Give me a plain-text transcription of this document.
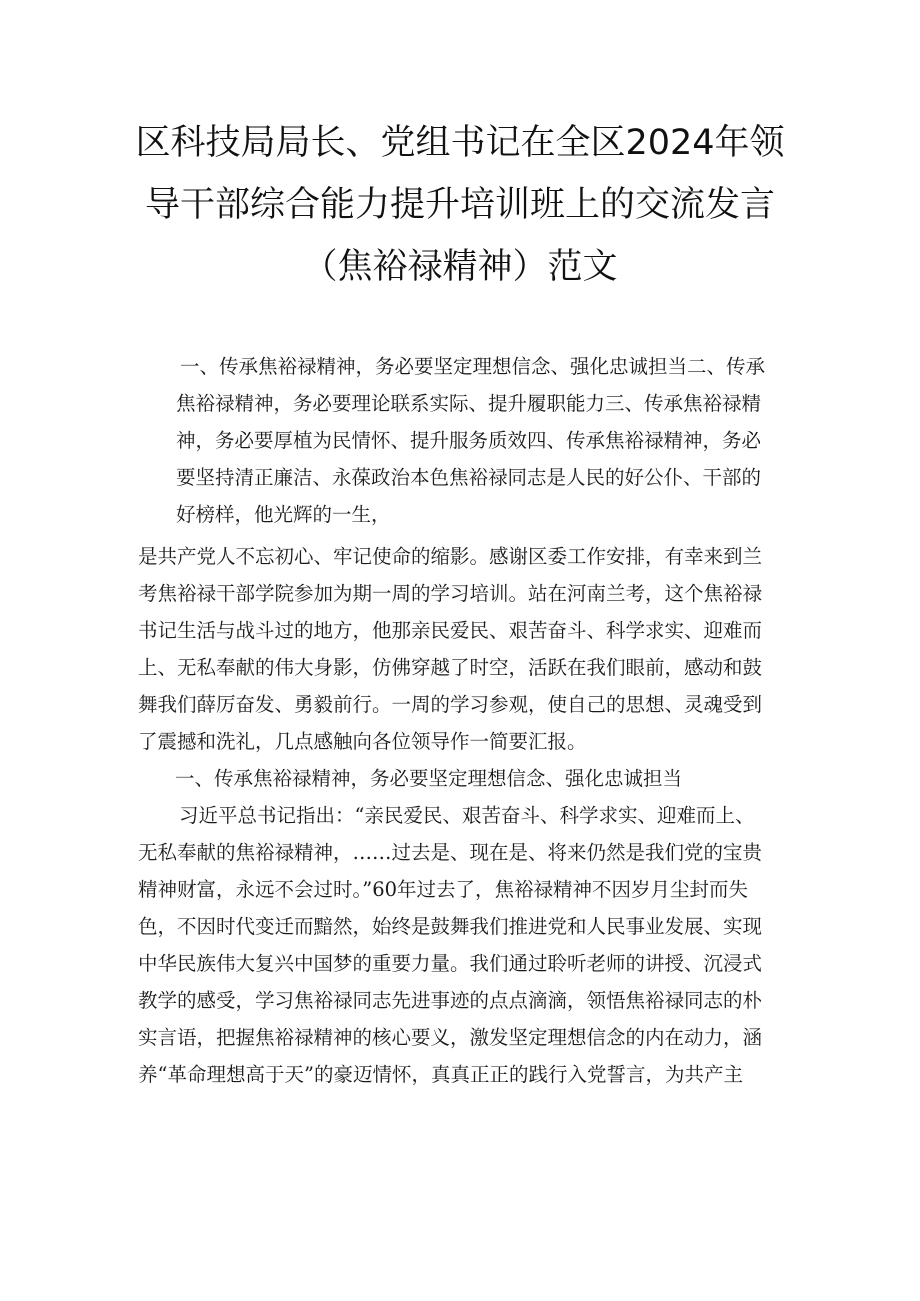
区科技局局长、党组书记在全区2024年领
导干部综合能力提升培训班上的交流发言
（焦裕禄精神）范文
一、传承焦裕禄精神，务必要坚定理想信念、强化忠诚担当二、传承
焦裕禄精神，务必要理论联系实际、提升履职能力三、传承焦裕禄精
神，务必要厚植为民情怀、提升服务质效四、传承焦裕禄精神，务必
要坚持清正廉洁、永葆政治本色焦裕禄同志是人民的好公仆、干部的
好榜样，他光辉的一生，
是共产党人不忘初心、牢记使命的缩影。感谢区委工作安排，有幸来到兰
考焦裕禄干部学院参加为期一周的学习培训。站在河南兰考，这个焦裕禄
书记生活与战斗过的地方，他那亲民爱民、艰苦奋斗、科学求实、迎难而
上、无私奉献的伟大身影，仿佛穿越了时空，活跃在我们眼前，感动和鼓
舞我们薛厉奋发、勇毅前行。一周的学习参观，使自己的思想、灵魂受到
了震撼和洗礼，几点感触向各位领导作一简要汇报。
一、传承焦裕禄精神，务必要坚定理想信念、强化忠诚担当
习近平总书记指出：“亲民爱民、艰苦奋斗、科学求实、迎难而上、
无私奉献的焦裕禄精神，……过去是、现在是、将来仍然是我们党的宝贵
精神财富，永远不会过时。”60年过去了，焦裕禄精神不因岁月尘封而失
色，不因时代变迁而黯然，始终是鼓舞我们推进党和人民事业发展、实现
中华民族伟大复兴中国梦的重要力量。我们通过聆听老师的讲授、沉浸式
教学的感受，学习焦裕禄同志先进事迹的点点滴滴，领悟焦裕禄同志的朴
实言语，把握焦裕禄精神的核心要义，激发坚定理想信念的内在动力，涵
养“革命理想高于天”的豪迈情怀，真真正正的践行入党誓言，为共产主
